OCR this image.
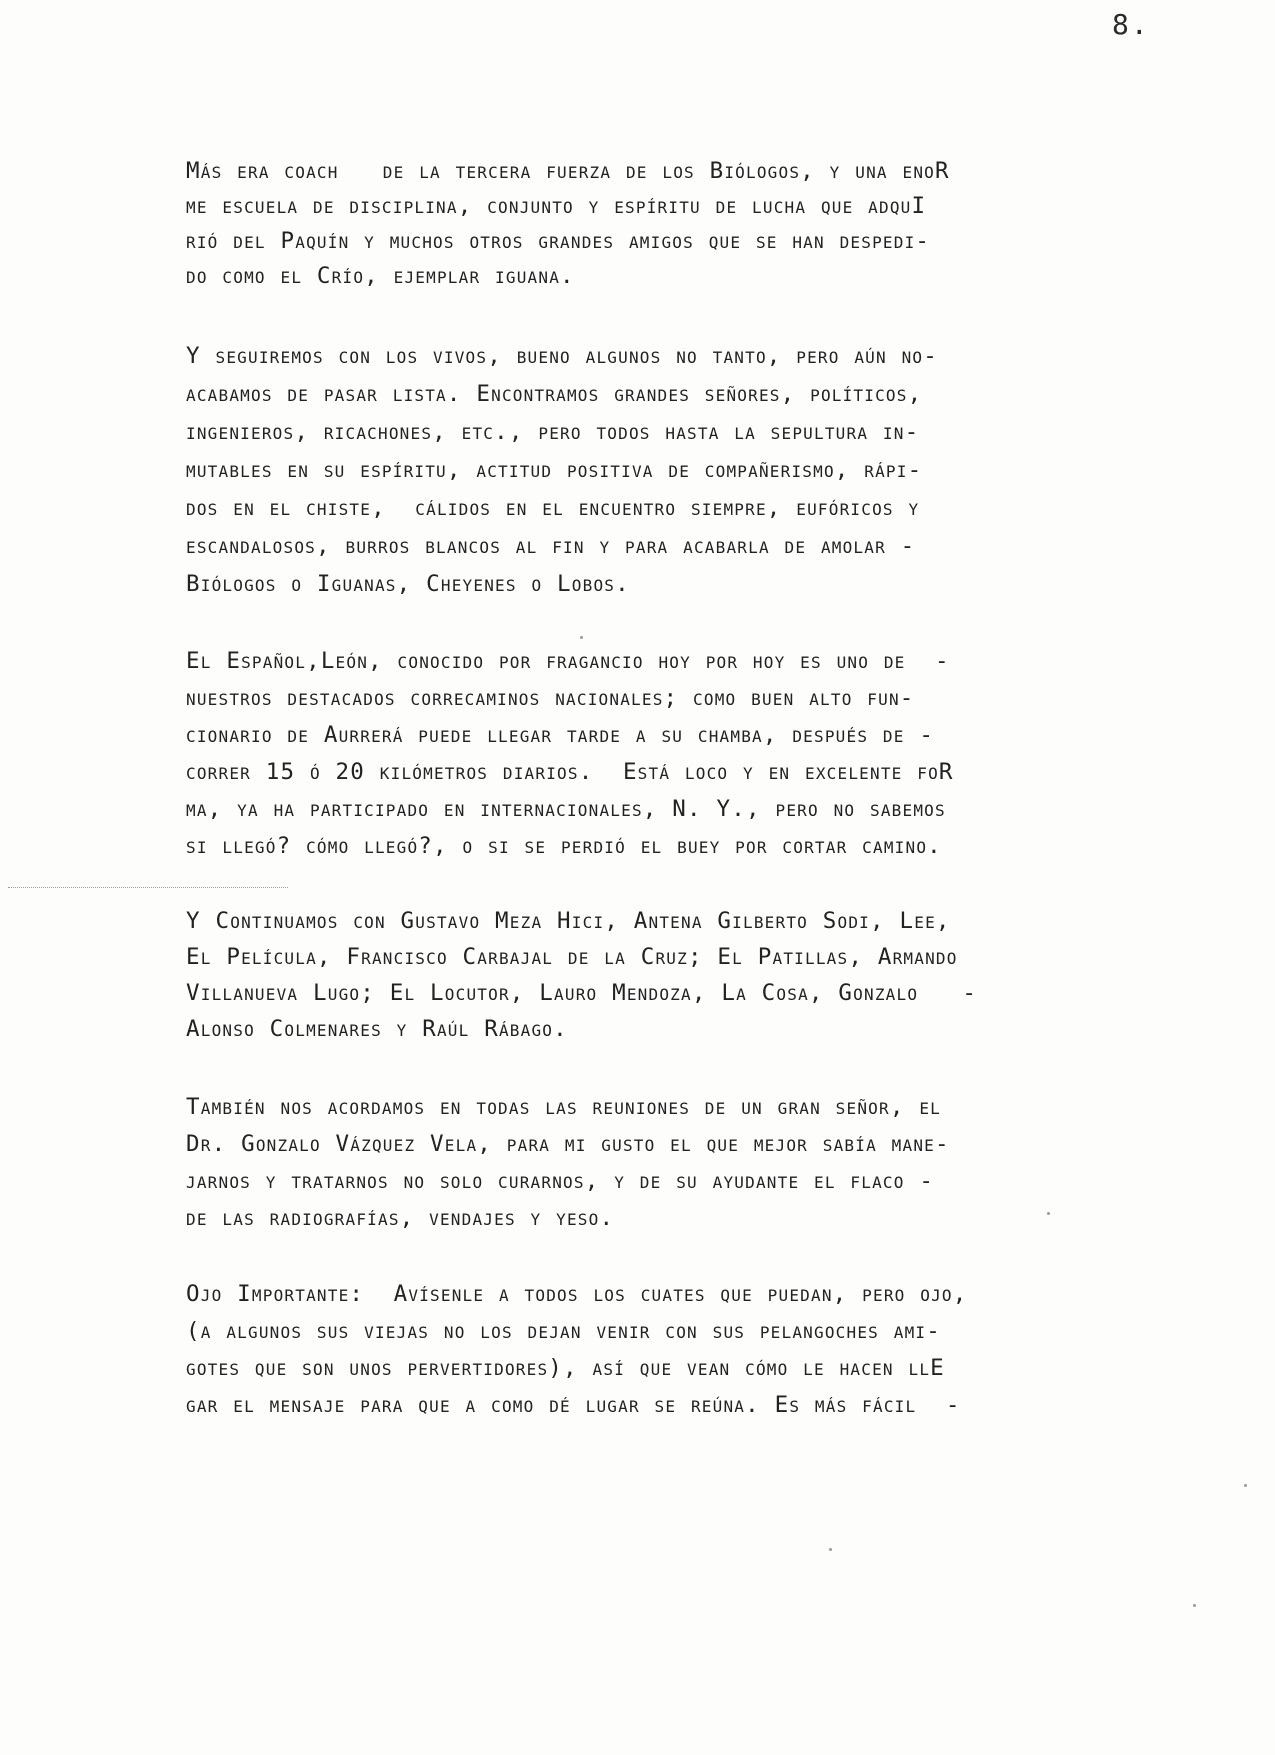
8.
Más era coach   de la tercera fuerza de los Biólogos, y una enoR
me escuela de disciplina, conjunto y espíritu de lucha que adquI
rió del Paquín y muchos otros grandes amigos que se han despedi-
do como el Crío, ejemplar iguana.
Y seguiremos con los vivos, bueno algunos no tanto, pero aún no-
acabamos de pasar lista. Encontramos grandes señores, políticos,
ingenieros, ricachones, etc., pero todos hasta la sepultura in-
mutables en su espíritu, actitud positiva de compañerismo, rápi-
dos en el chiste,  cálidos en el encuentro siempre, eufóricos y
escandalosos, burros blancos al fin y para acabarla de amolar -
Biólogos o Iguanas, Cheyenes o Lobos.
El Español,León, conocido por fragancio hoy por hoy es uno de  -
nuestros destacados correcaminos nacionales; como buen alto fun-
cionario de Aurrerá puede llegar tarde a su chamba, después de -
correr 15 ó 20 kilómetros diarios.  Está loco y en excelente foR
ma, ya ha participado en internacionales, N. Y., pero no sabemos
si llegó? cómo llegó?, o si se perdió el buey por cortar camino.
Y Continuamos con Gustavo Meza Hici, Antena Gilberto Sodi, Lee,
El Película, Francisco Carbajal de la Cruz; El Patillas, Armando
Villanueva Lugo; El Locutor, Lauro Mendoza, La Cosa, Gonzalo   -
Alonso Colmenares y Raúl Rábago.
También nos acordamos en todas las reuniones de un gran señor, el
Dr. Gonzalo Vázquez Vela, para mi gusto el que mejor sabía mane-
jarnos y tratarnos no solo curarnos, y de su ayudante el flaco -
de las radiografías, vendajes y yeso.
Ojo Importante:  Avísenle a todos los cuates que puedan, pero ojo,
(a algunos sus viejas no los dejan venir con sus pelangoches ami-
gotes que son unos pervertidores), así que vean cómo le hacen llE
gar el mensaje para que a como dé lugar se reúna. Es más fácil  -
